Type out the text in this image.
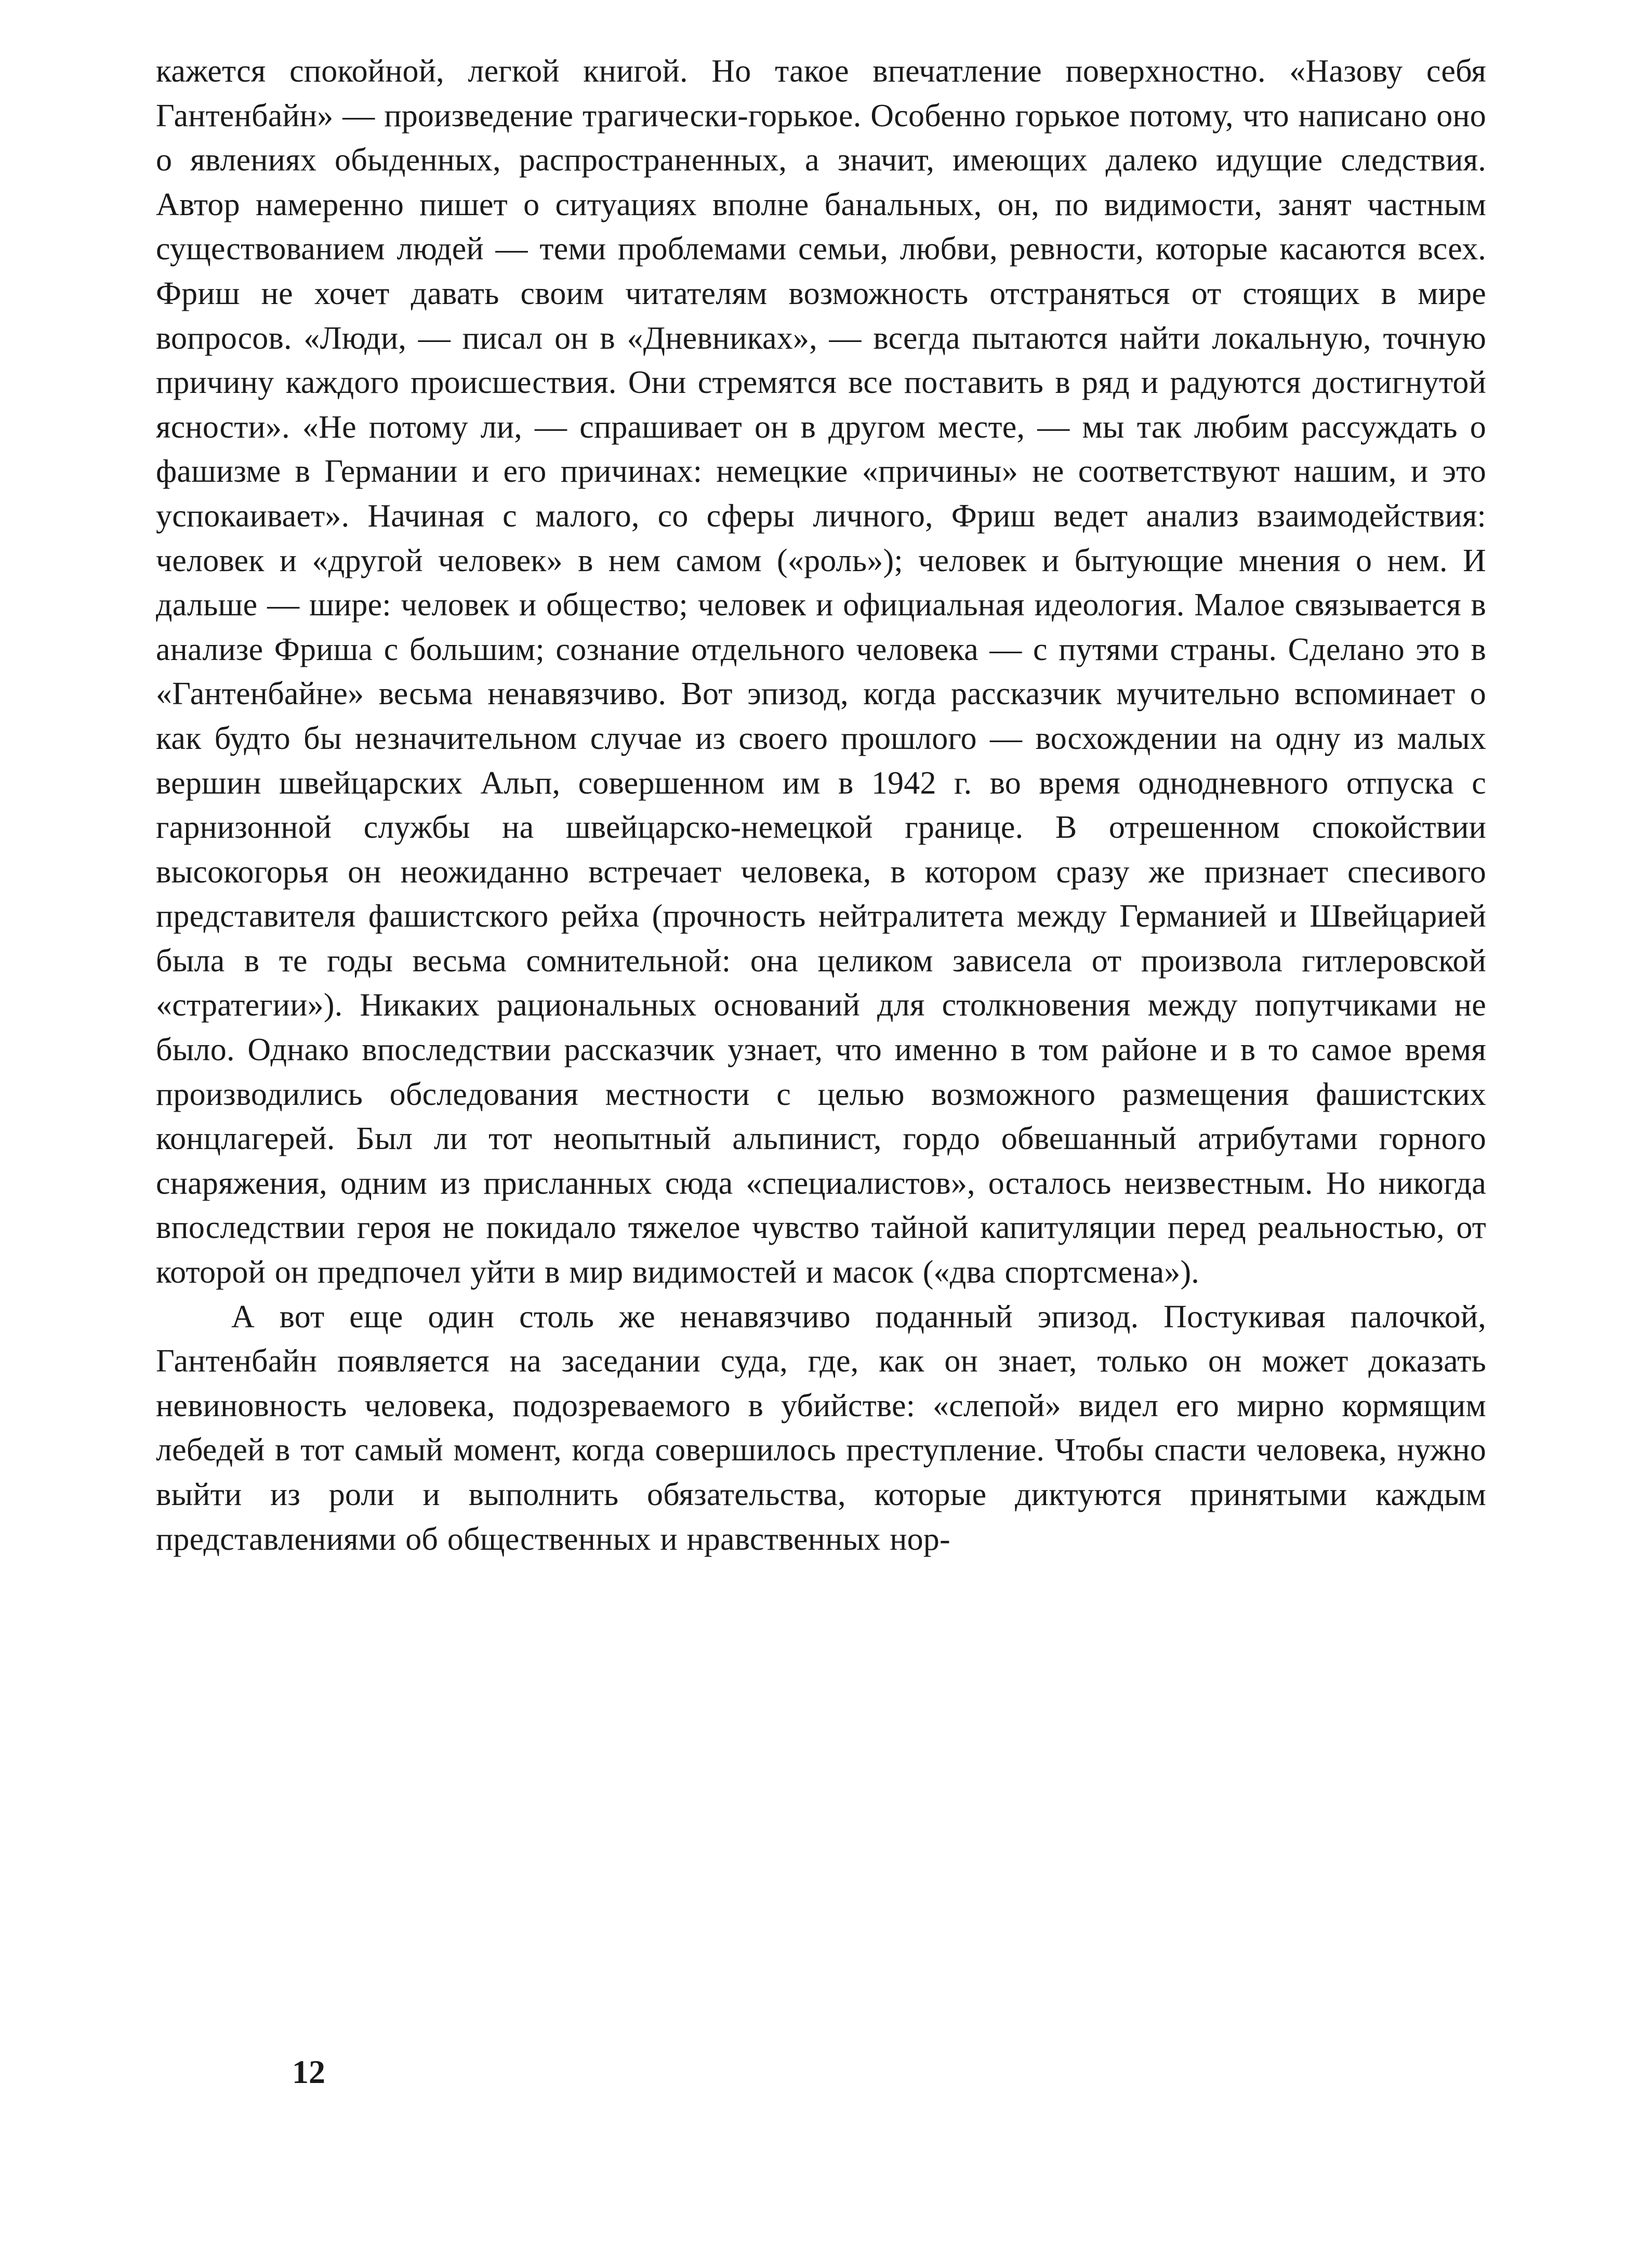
кажется спокойной, легкой книгой. Но такое впечатление поверхностно. «Назову себя Гантенбайн» — произведение трагически-горькое. Особенно горькое потому, что написано оно о явлениях обыденных, распространенных, а значит, имеющих далеко идущие следствия. Автор намеренно пишет о ситуациях вполне банальных, он, по видимости, занят частным существованием людей — теми проблемами семьи, любви, ревности, которые касаются всех. Фриш не хочет давать своим читателям возможность отстраняться от стоящих в мире вопросов. «Люди, — писал он в «Дневниках», — всегда пытаются найти локальную, точную причину каждого происшествия. Они стремятся все поставить в ряд и радуются достигнутой ясности». «Не потому ли, — спрашивает он в другом месте, — мы так любим рассуждать о фашизме в Германии и его причинах: немецкие «причины» не соответствуют нашим, и это успокаивает». Начиная с малого, со сферы личного, Фриш ведет анализ взаимодействия: человек и «другой человек» в нем самом («роль»); человек и бытующие мнения о нем. И дальше — шире: человек и общество; человек и официальная идеология. Малое связывается в анализе Фриша с большим; сознание отдельного человека — с путями страны. Сделано это в «Гантенбайне» весьма ненавязчиво. Вот эпизод, когда рассказчик мучительно вспоминает о как будто бы незначительном случае из своего прошлого — восхождении на одну из малых вершин швейцарских Альп, совершенном им в 1942 г. во время однодневного отпуска с гарнизонной службы на швейцарско-немецкой границе. В отрешенном спокойствии высокогорья он неожиданно встречает человека, в котором сразу же признает спесивого представителя фашистского рейха (прочность нейтралитета между Германией и Швейцарией была в те годы весьма сомнительной: она целиком зависела от произвола гитлеровской «стратегии»). Никаких рациональных оснований для столкновения между попутчиками не было. Однако впоследствии рассказчик узнает, что именно в том районе и в то самое время производились обследования местности с целью возможного размещения фашистских концлагерей. Был ли тот неопытный альпинист, гордо обвешанный атрибутами горного снаряжения, одним из присланных сюда «специалистов», осталось неизвестным. Но никогда впоследствии героя не покидало тяжелое чувство тайной капитуляции перед реальностью, от которой он предпочел уйти в мир видимостей и масок («два спортсмена»).

А вот еще один столь же ненавязчиво поданный эпизод. Постукивая палочкой, Гантенбайн появляется на заседании суда, где, как он знает, только он может доказать невиновность человека, подозреваемого в убийстве: «слепой» видел его мирно кормящим лебедей в тот самый момент, когда совершилось преступление. Чтобы спасти человека, нужно выйти из роли и выполнить обязательства, которые диктуются принятыми каждым представлениями об общественных и нравственных нор-

12
